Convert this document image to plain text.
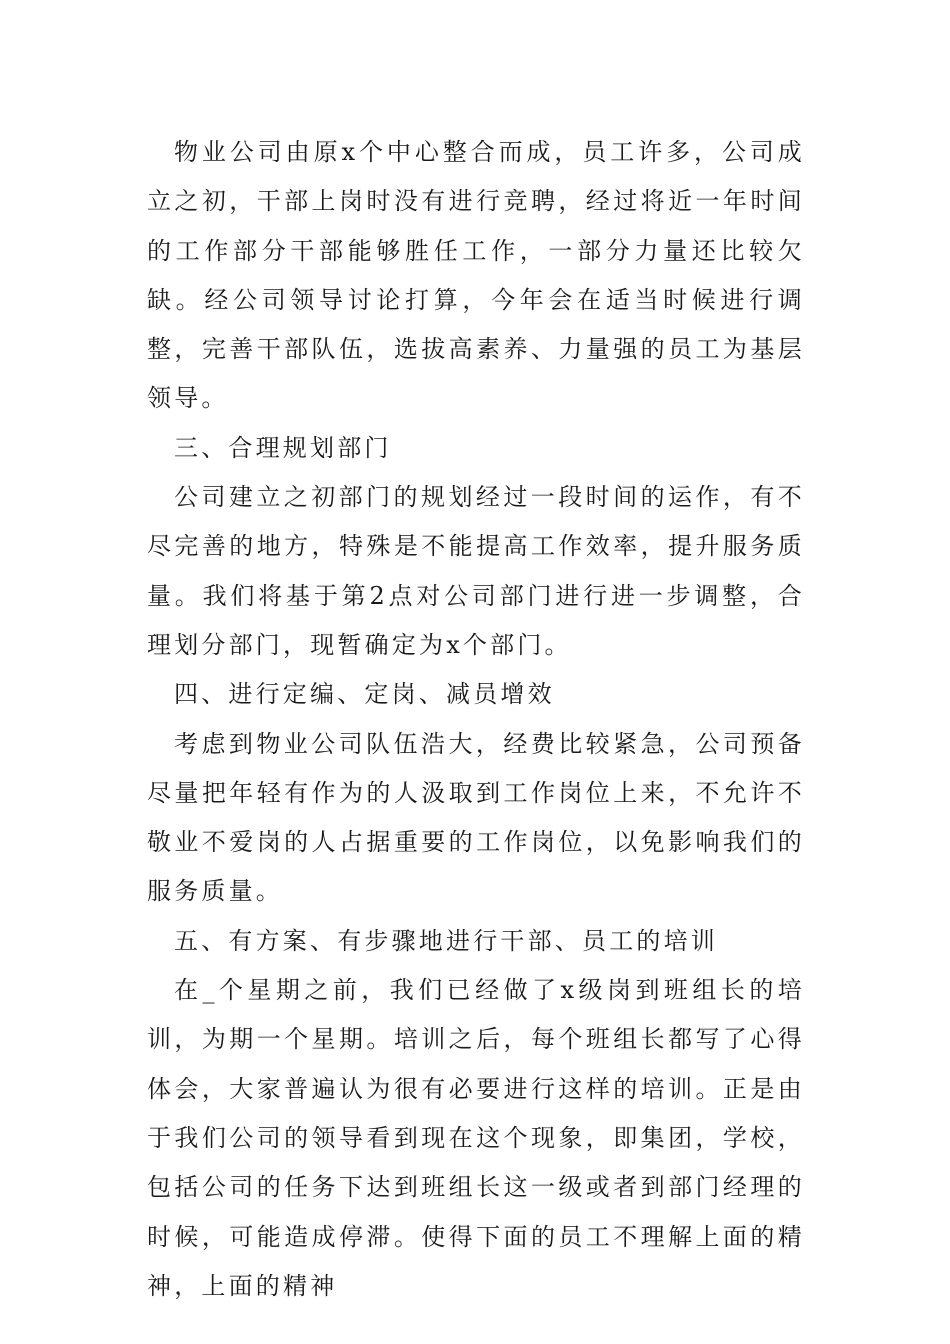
物业公司由原x个中心整合而成，员工许多，公司成立之初，干部上岗时没有进行竞聘，经过将近一年时间的工作部分干部能够胜任工作，一部分力量还比较欠缺。经公司领导讨论打算，今年会在适当时候进行调整，完善干部队伍，选拔高素养、力量强的员工为基层领导。

三、合理规划部门

公司建立之初部门的规划经过一段时间的运作，有不尽完善的地方，特殊是不能提高工作效率，提升服务质量。我们将基于第2点对公司部门进行进一步调整，合理划分部门，现暂确定为x个部门。

四、进行定编、定岗、减员增效

考虑到物业公司队伍浩大，经费比较紧急，公司预备尽量把年轻有作为的人汲取到工作岗位上来，不允许不敬业不爱岗的人占据重要的工作岗位，以免影响我们的服务质量。

五、有方案、有步骤地进行干部、员工的培训

在_个星期之前，我们已经做了x级岗到班组长的培训，为期一个星期。培训之后，每个班组长都写了心得体会，大家普遍认为很有必要进行这样的培训。正是由于我们公司的领导看到现在这个现象，即集团，学校，包括公司的任务下达到班组长这一级或者到部门经理的时候，可能造成停滞。使得下面的员工不理解上面的精神，上面的精神
